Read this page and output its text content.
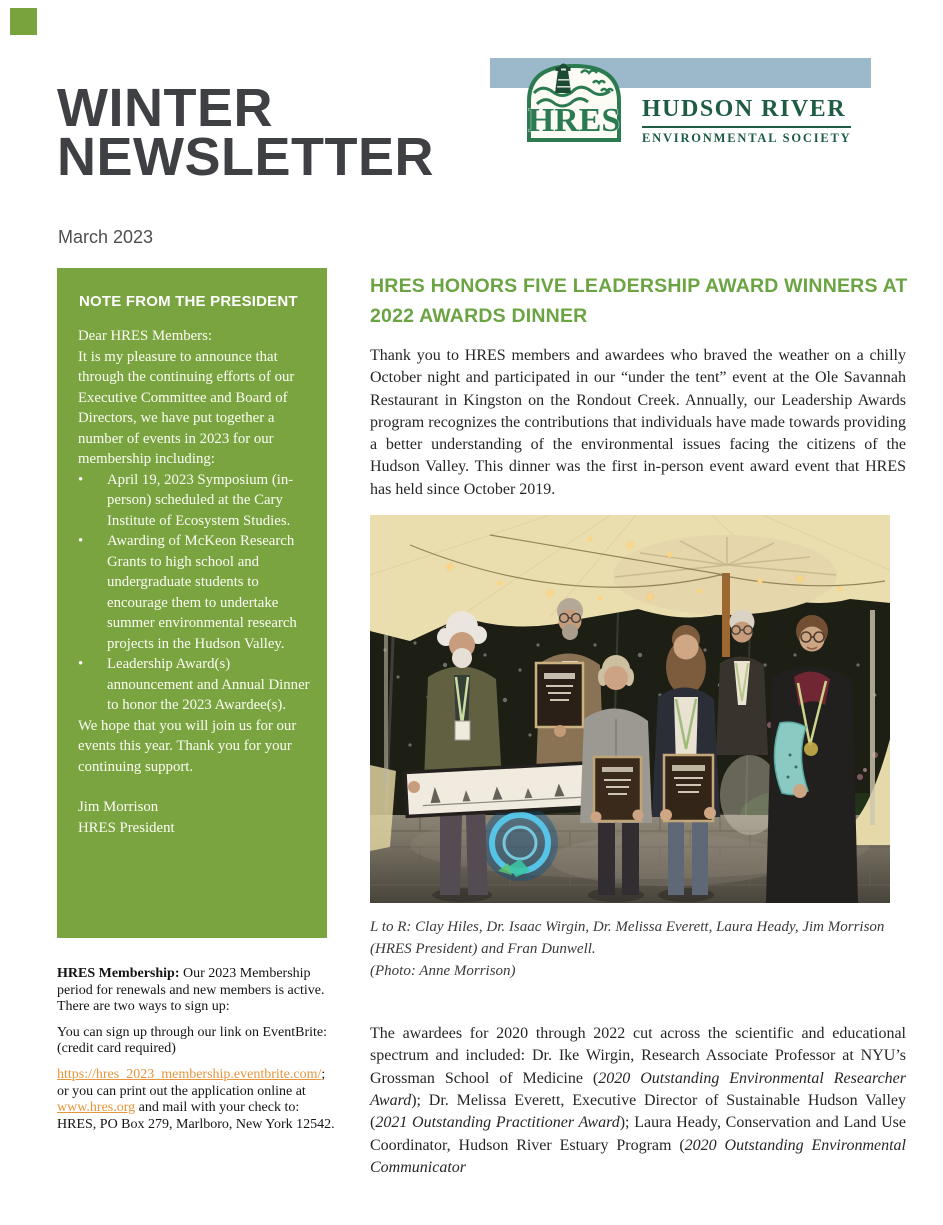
WINTER
NEWSLETTER
March 2023
HRES HUDSON RIVER
ENVIRONMENTAL SOCIETY
NOTE FROM THE PRESIDENT

Dear HRES Members:

It is my pleasure to announce that through the continuing efforts of our Executive Committee and Board of Directors, we have put together a number of events in 2023 for our membership including:

•	April 19, 2023 Symposium (in-person) scheduled at the Cary Institute of Ecosystem Studies.
•	Awarding of McKeon Research Grants to high school and undergraduate students to encourage them to undertake summer environmental research projects in the Hudson Valley.
•	Leadership Award(s) announcement and Annual Dinner to honor the 2023 Awardee(s).

We hope that you will join us for our events this year. Thank you for your continuing support.

Jim Morrison
HRES President

HRES Membership: Our 2023 Membership period for renewals and new members is active. There are two ways to sign up:

You can sign up through our link on EventBrite: (credit card required)

https://hres_2023_membership.eventbrite.com/; or you can print out the application online at www.hres.org and mail with your check to: HRES, PO Box 279, Marlboro, New York 12542.

HRES HONORS FIVE LEADERSHIP AWARD WINNERS AT
2022 AWARDS DINNER

Thank you to HRES members and awardees who braved the weather on a chilly October night and participated in our “under the tent” event at the Ole Savannah Restaurant in Kingston on the Rondout Creek. Annually, our Leadership Awards program recognizes the contributions that individuals have made towards providing a better understanding of the environmental issues facing the citizens of the Hudson Valley. This dinner was the first in-person event award event that HRES has held since October 2019.

L to R: Clay Hiles, Dr. Isaac Wirgin, Dr. Melissa Everett, Laura Heady, Jim Morrison (HRES President) and Fran Dunwell.
(Photo: Anne Morrison)

The awardees for 2020 through 2022 cut across the scientific and educational spectrum and included: Dr. Ike Wirgin, Research Associate Professor at NYU’s Grossman School of Medicine (2020 Outstanding Environmental Researcher Award); Dr. Melissa Everett, Executive Director of Sustainable Hudson Valley (2021 Outstanding Practitioner Award); Laura Heady, Conservation and Land Use Coordinator, Hudson River Estuary Program (2020 Outstanding Environmental Communicator
